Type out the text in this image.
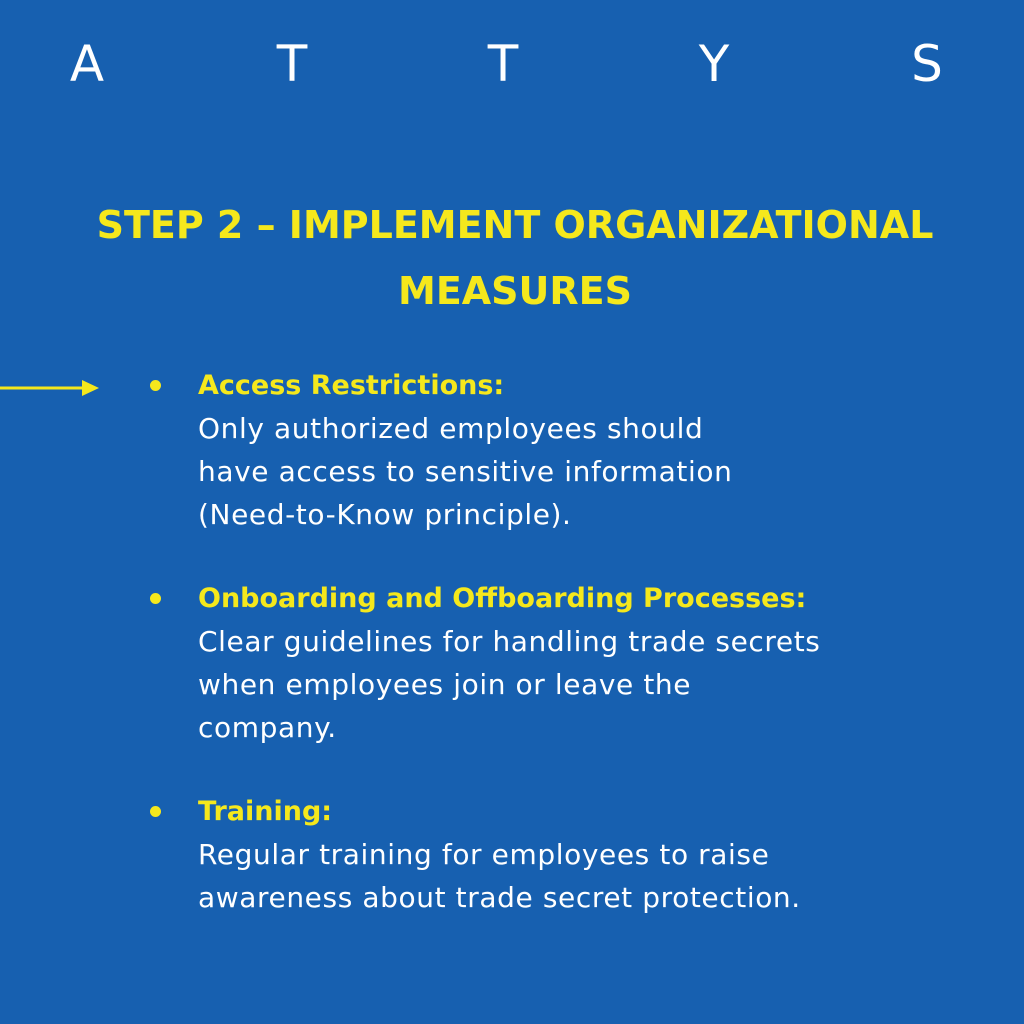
A	T	T	Y	S
STEP 2 – IMPLEMENT ORGANIZATIONAL
MEASURES
Access Restrictions:
Only authorized employees should
have access to sensitive information
(Need-to-Know principle).
Onboarding and Offboarding Processes:
Clear guidelines for handling trade secrets
when employees join or leave the
company.
Training:
Regular training for employees to raise
awareness about trade secret protection.
